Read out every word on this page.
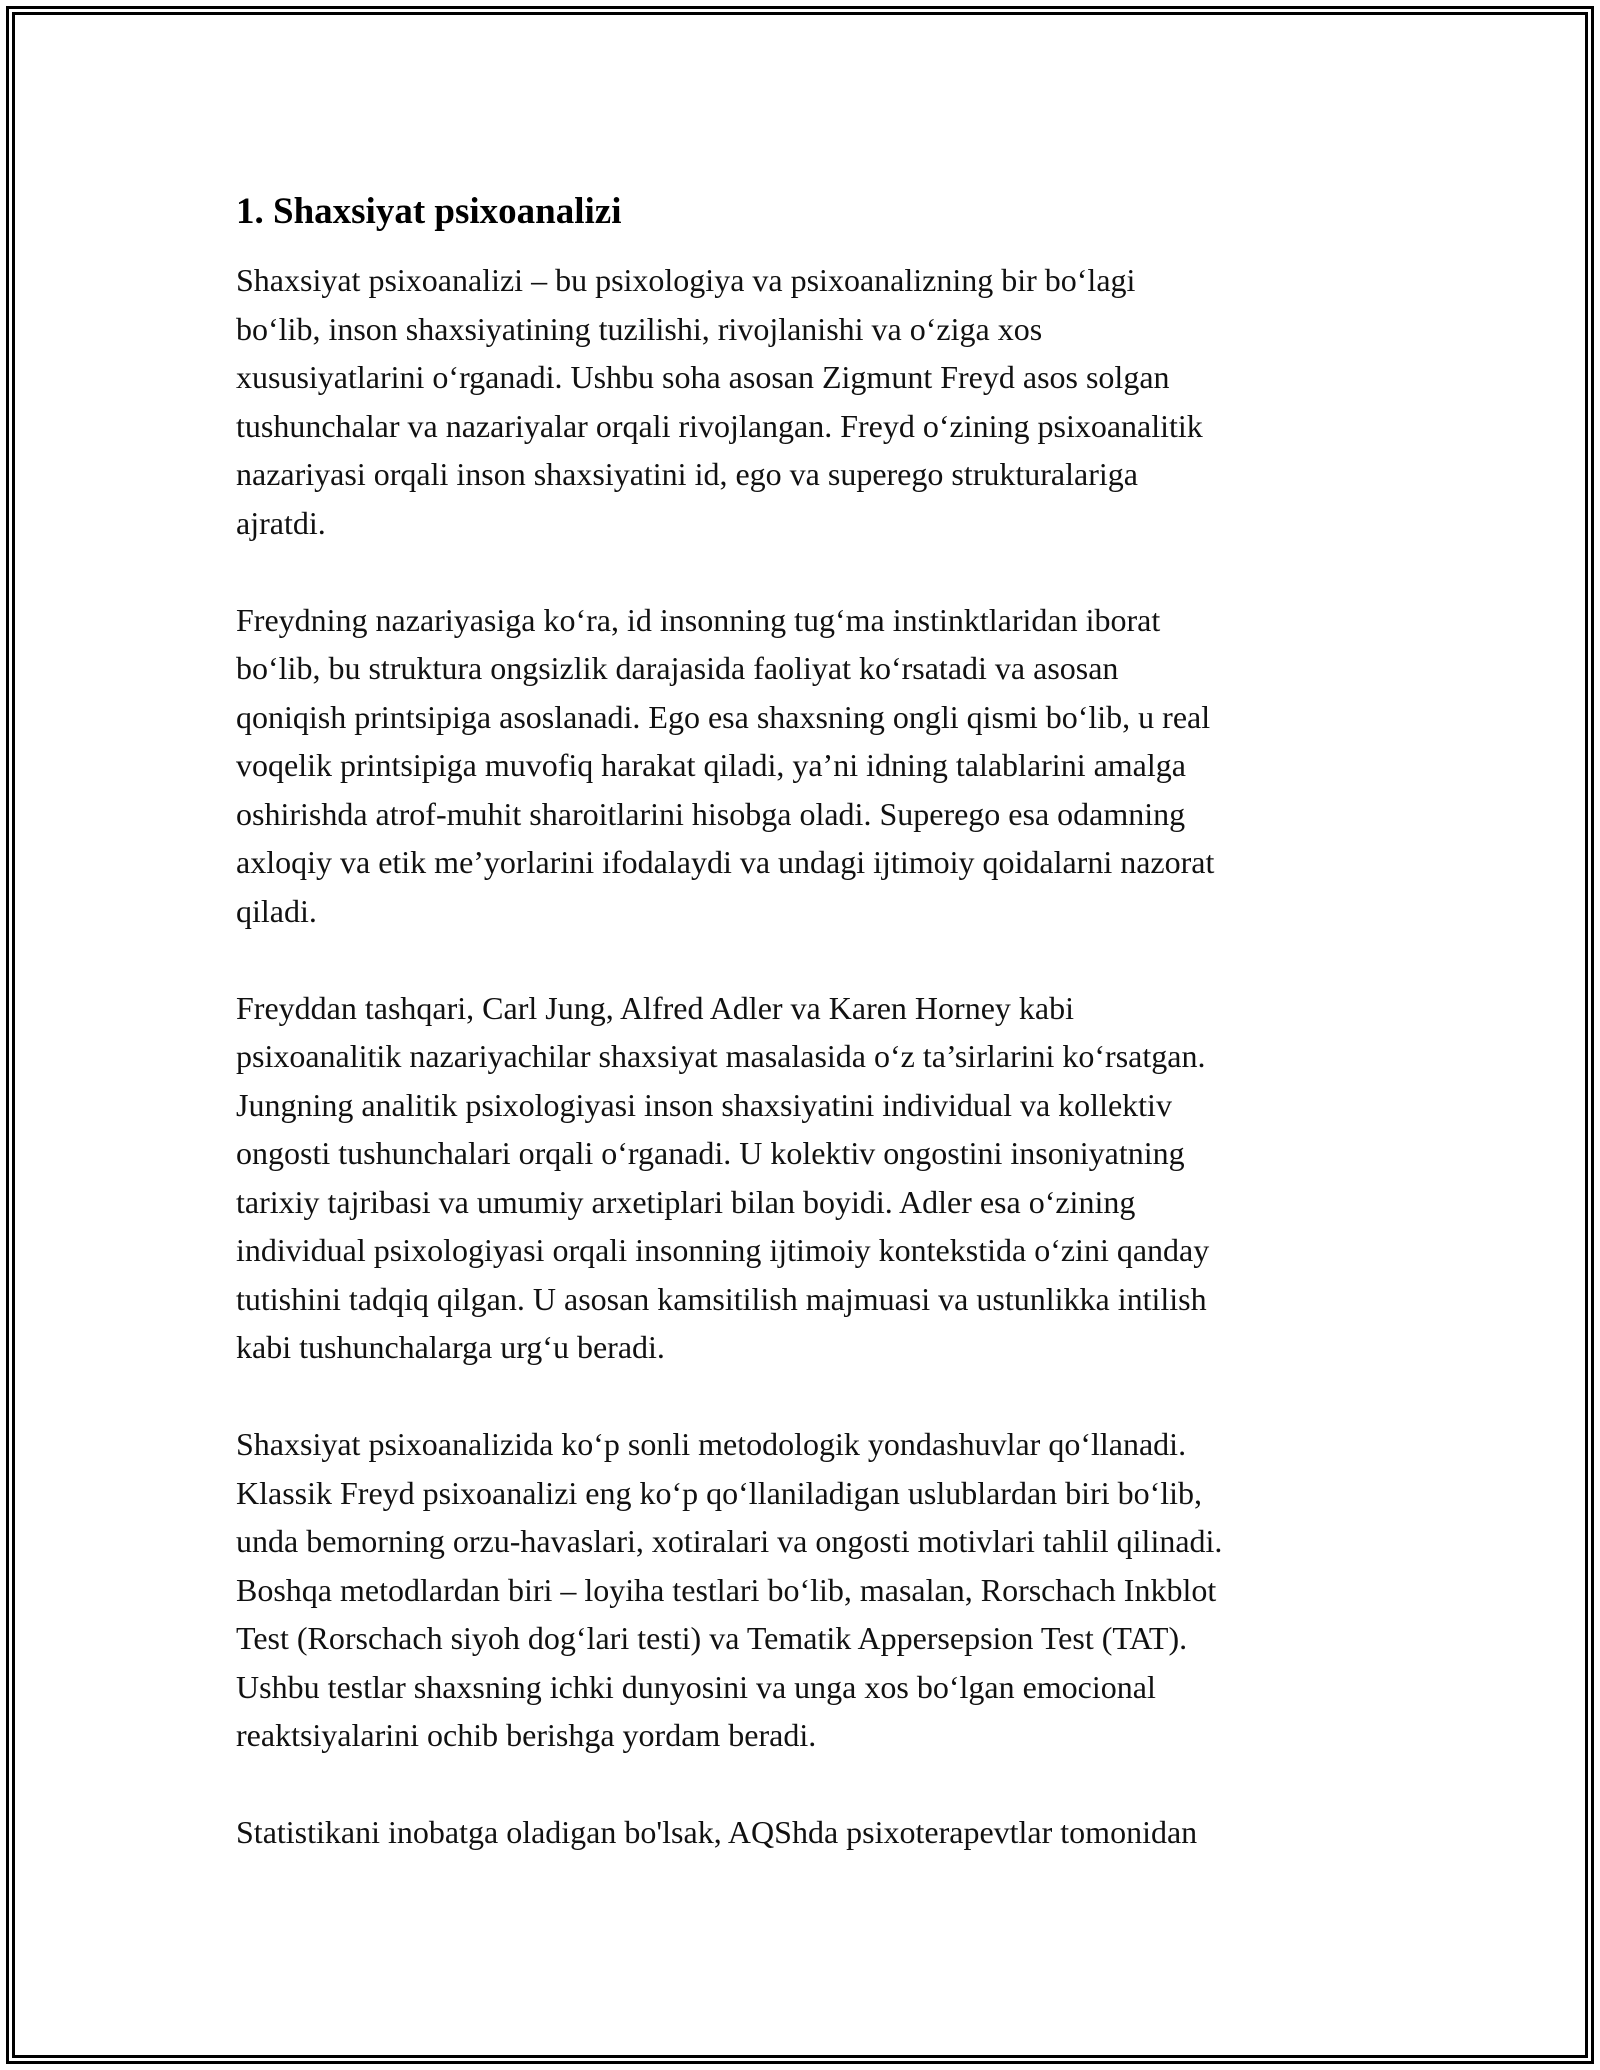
1. Shaxsiyat psixoanalizi

Shaxsiyat psixoanalizi – bu psixologiya va psixoanalizning bir bo‘lagi
bo‘lib, inson shaxsiyatining tuzilishi, rivojlanishi va o‘ziga xos
xususiyatlarini o‘rganadi. Ushbu soha asosan Zigmunt Freyd asos solgan
tushunchalar va nazariyalar orqali rivojlangan. Freyd o‘zining psixoanalitik
nazariyasi orqali inson shaxsiyatini id, ego va superego strukturalariga
ajratdi.

Freydning nazariyasiga ko‘ra, id insonning tug‘ma instinktlaridan iborat
bo‘lib, bu struktura ongsizlik darajasida faoliyat ko‘rsatadi va asosan
qoniqish printsipiga asoslanadi. Ego esa shaxsning ongli qismi bo‘lib, u real
voqelik printsipiga muvofiq harakat qiladi, ya’ni idning talablarini amalga
oshirishda atrof-muhit sharoitlarini hisobga oladi. Superego esa odamning
axloqiy va etik me’yorlarini ifodalaydi va undagi ijtimoiy qoidalarni nazorat
qiladi.

Freyddan tashqari, Carl Jung, Alfred Adler va Karen Horney kabi
psixoanalitik nazariyachilar shaxsiyat masalasida o‘z ta’sirlarini ko‘rsatgan.
Jungning analitik psixologiyasi inson shaxsiyatini individual va kollektiv
ongosti tushunchalari orqali o‘rganadi. U kolektiv ongostini insoniyatning
tarixiy tajribasi va umumiy arxetiplari bilan boyidi. Adler esa o‘zining
individual psixologiyasi orqali insonning ijtimoiy kontekstida o‘zini qanday
tutishini tadqiq qilgan. U asosan kamsitilish majmuasi va ustunlikka intilish
kabi tushunchalarga urg‘u beradi.

Shaxsiyat psixoanalizida ko‘p sonli metodologik yondashuvlar qo‘llanadi.
Klassik Freyd psixoanalizi eng ko‘p qo‘llaniladigan uslublardan biri bo‘lib,
unda bemorning orzu-havaslari, xotiralari va ongosti motivlari tahlil qilinadi.
Boshqa metodlardan biri – loyiha testlari bo‘lib, masalan, Rorschach Inkblot
Test (Rorschach siyoh dog‘lari testi) va Tematik Appersepsion Test (TAT).
Ushbu testlar shaxsning ichki dunyosini va unga xos bo‘lgan emocional
reaktsiyalarini ochib berishga yordam beradi.

Statistikani inobatga oladigan bo'lsak, AQShda psixoterapevtlar tomonidan
